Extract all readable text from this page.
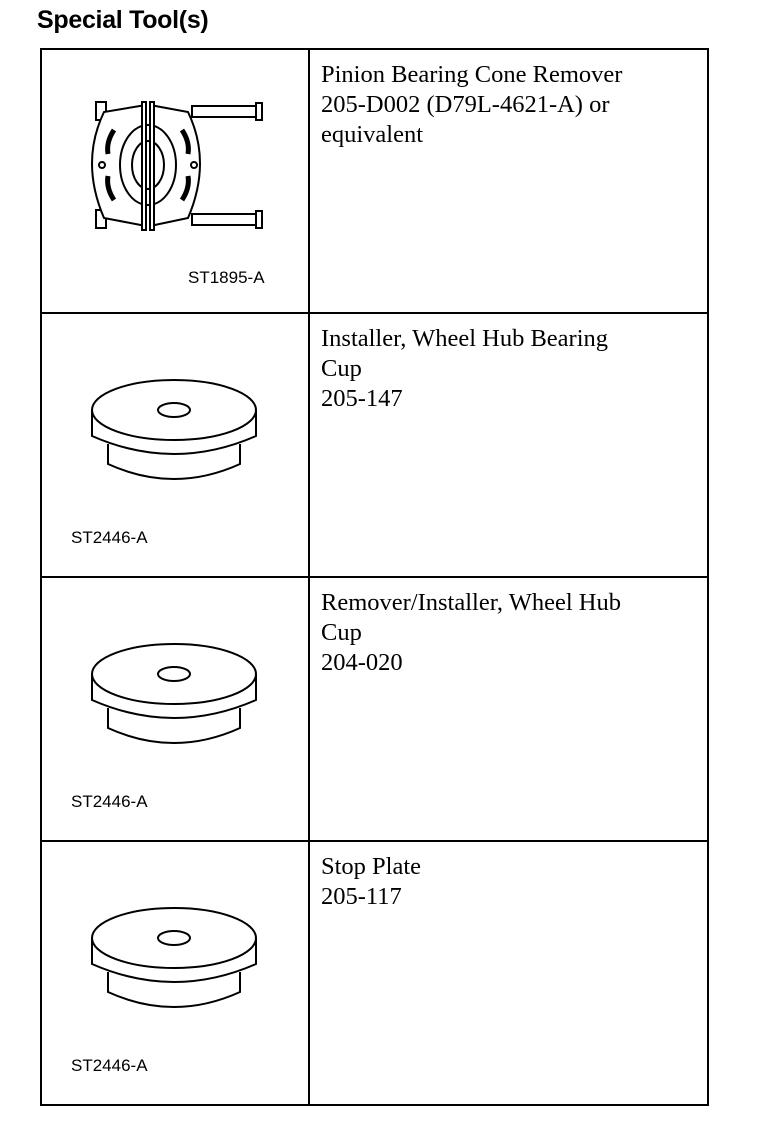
Special Tool(s)
ST1895-A	Pinion Bearing Cone Remover
205-D002 (D79L-4621-A) or
equivalent

ST2446-A	Installer, Wheel Hub Bearing
Cup
205-147

ST2446-A	Remover/Installer, Wheel Hub
Cup
204-020

ST2446-A	Stop Plate
205-117
